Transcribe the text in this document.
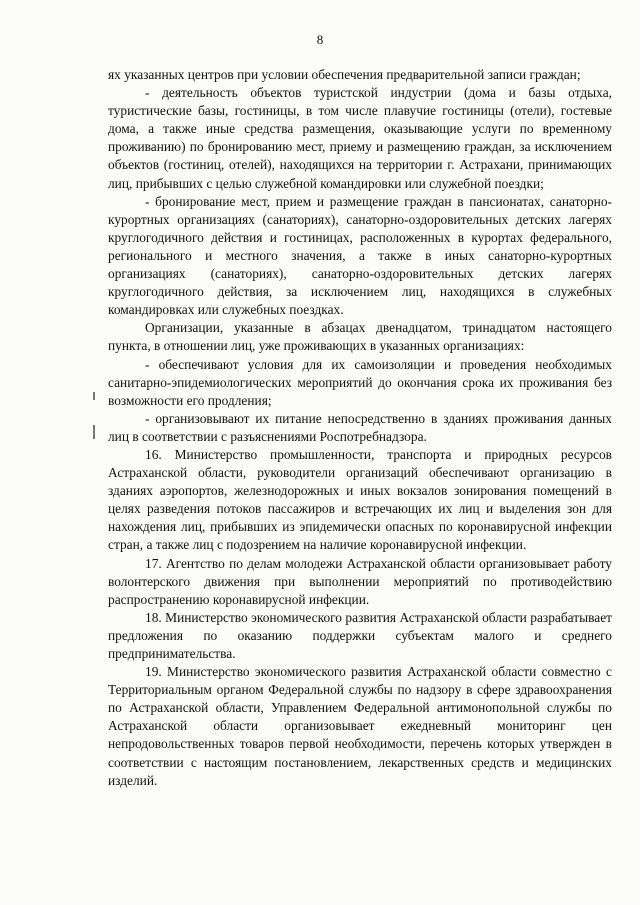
8

ях указанных центров при условии обеспечения предварительной записи граждан;

- деятельность объектов туристской индустрии (дома и базы отдыха, туристические базы, гостиницы, в том числе плавучие гостиницы (отели), гостевые дома, а также иные средства размещения, оказывающие услуги по временному проживанию) по бронированию мест, приему и размещению граждан, за исключением объектов (гостиниц, отелей), находящихся на территории г. Астрахани, принимающих лиц, прибывших с целью служебной командировки или служебной поездки;

- бронирование мест, прием и размещение граждан в пансионатах, санаторно-курортных организациях (санаториях), санаторно-оздоровительных детских лагерях круглогодичного действия и гостиницах, расположенных в курортах федерального, регионального и местного значения, а также в иных санаторно-курортных организациях (санаториях), санаторно-оздоровительных детских лагерях круглогодичного действия, за исключением лиц, находящихся в служебных командировках или служебных поездках.

Организации, указанные в абзацах двенадцатом, тринадцатом настоящего пункта, в отношении лиц, уже проживающих в указанных организациях:

- обеспечивают условия для их самоизоляции и проведения необходимых санитарно-эпидемиологических мероприятий до окончания срока их проживания без возможности его продления;

- организовывают их питание непосредственно в зданиях проживания данных лиц в соответствии с разъяснениями Роспотребнадзора.

16. Министерство промышленности, транспорта и природных ресурсов Астраханской области, руководители организаций обеспечивают организацию в зданиях аэропортов, железнодорожных и иных вокзалов зонирования помещений в целях разведения потоков пассажиров и встречающих их лиц и выделения зон для нахождения лиц, прибывших из эпидемически опасных по коронавирусной инфекции стран, а также лиц с подозрением на наличие коронавирусной инфекции.

17. Агентство по делам молодежи Астраханской области организовывает работу волонтерского движения при выполнении мероприятий по противодействию распространению коронавирусной инфекции.

18. Министерство экономического развития Астраханской области разрабатывает предложения по оказанию поддержки субъектам малого и среднего предпринимательства.

19. Министерство экономического развития Астраханской области совместно с Территориальным органом Федеральной службы по надзору в сфере здравоохранения по Астраханской области, Управлением Федеральной антимонопольной службы по Астраханской области организовывает ежедневный мониторинг цен непродовольственных товаров первой необходимости, перечень которых утвержден в соответствии с настоящим постановлением, лекарственных средств и медицинских изделий.
